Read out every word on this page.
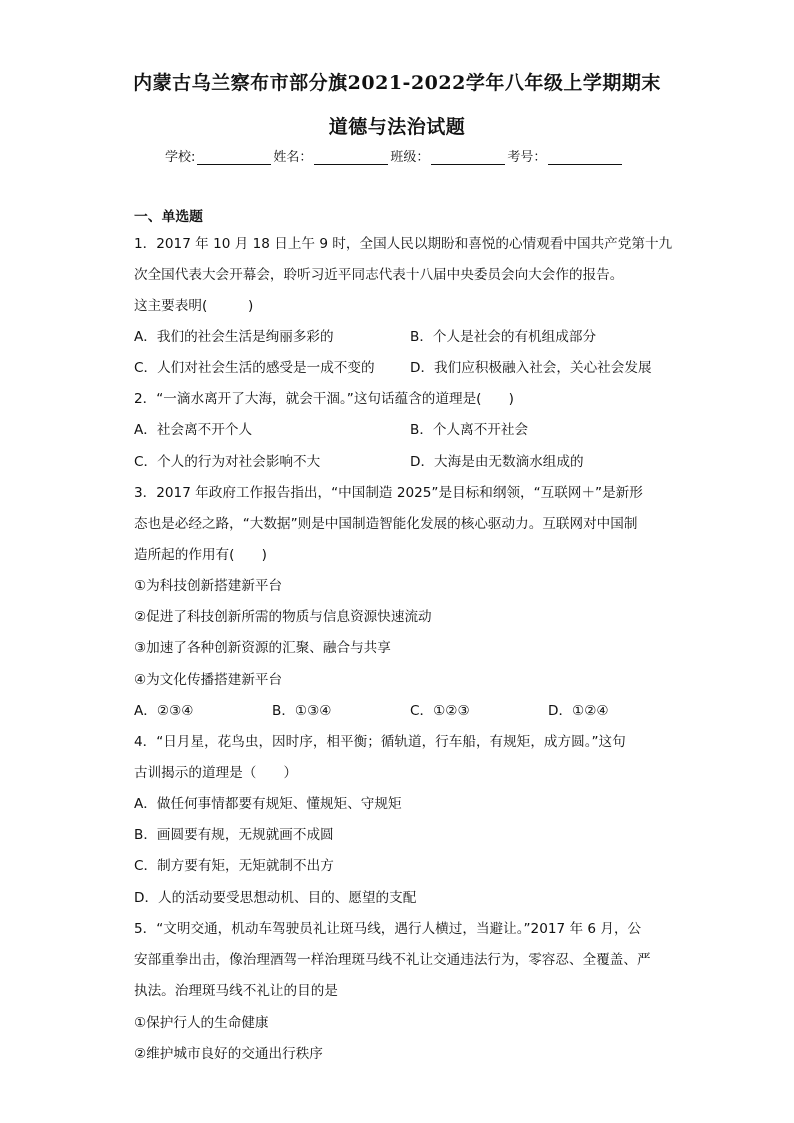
内蒙古乌兰察布市部分旗2021-2022学年八年级上学期期末
道德与法治试题
学校:	姓名：	班级：	考号：

一、单选题

1．2017 年 10 月 18 日上午 9 时，全国人民以期盼和喜悦的心情观看中国共产党第十九

次全国代表大会开幕会，聆听习近平同志代表十八届中央委员会向大会作的报告。

这主要表明(　　　)

A．我们的社会生活是绚丽多彩的	B．个人是社会的有机组成部分
C．人们对社会生活的感受是一成不变的	D．我们应积极融入社会，关心社会发展

2．“一滴水离开了大海，就会干涸。”这句话蕴含的道理是(　　)

A．社会离不开个人	B．个人离不开社会
C．个人的行为对社会影响不大	D．大海是由无数滴水组成的

3．2017 年政府工作报告指出，“中国制造 2025”是目标和纲领，“互联网＋”是新形

态也是必经之路，“大数据”则是中国制造智能化发展的核心驱动力。互联网对中国制

造所起的作用有(　　)

①为科技创新搭建新平台

②促进了科技创新所需的物质与信息资源快速流动

③加速了各种创新资源的汇聚、融合与共享

④为文化传播搭建新平台

A．②③④	B．①③④	C．①②③	D．①②④

4．“日月星，花鸟虫，因时序，相平衡；循轨道，行车船，有规矩，成方圆。”这句

古训揭示的道理是（　　）

A．做任何事情都要有规矩、懂规矩、守规矩

B．画圆要有规，无规就画不成圆

C．制方要有矩，无矩就制不出方

D．人的活动要受思想动机、目的、愿望的支配

5．“文明交通，机动车驾驶员礼让斑马线，遇行人横过，当避让。”2017 年 6 月，公

安部重拳出击，像治理酒驾一样治理斑马线不礼让交通违法行为，零容忍、全覆盖、严

执法。治理斑马线不礼让的目的是

①保护行人的生命健康

②维护城市良好的交通出行秩序
